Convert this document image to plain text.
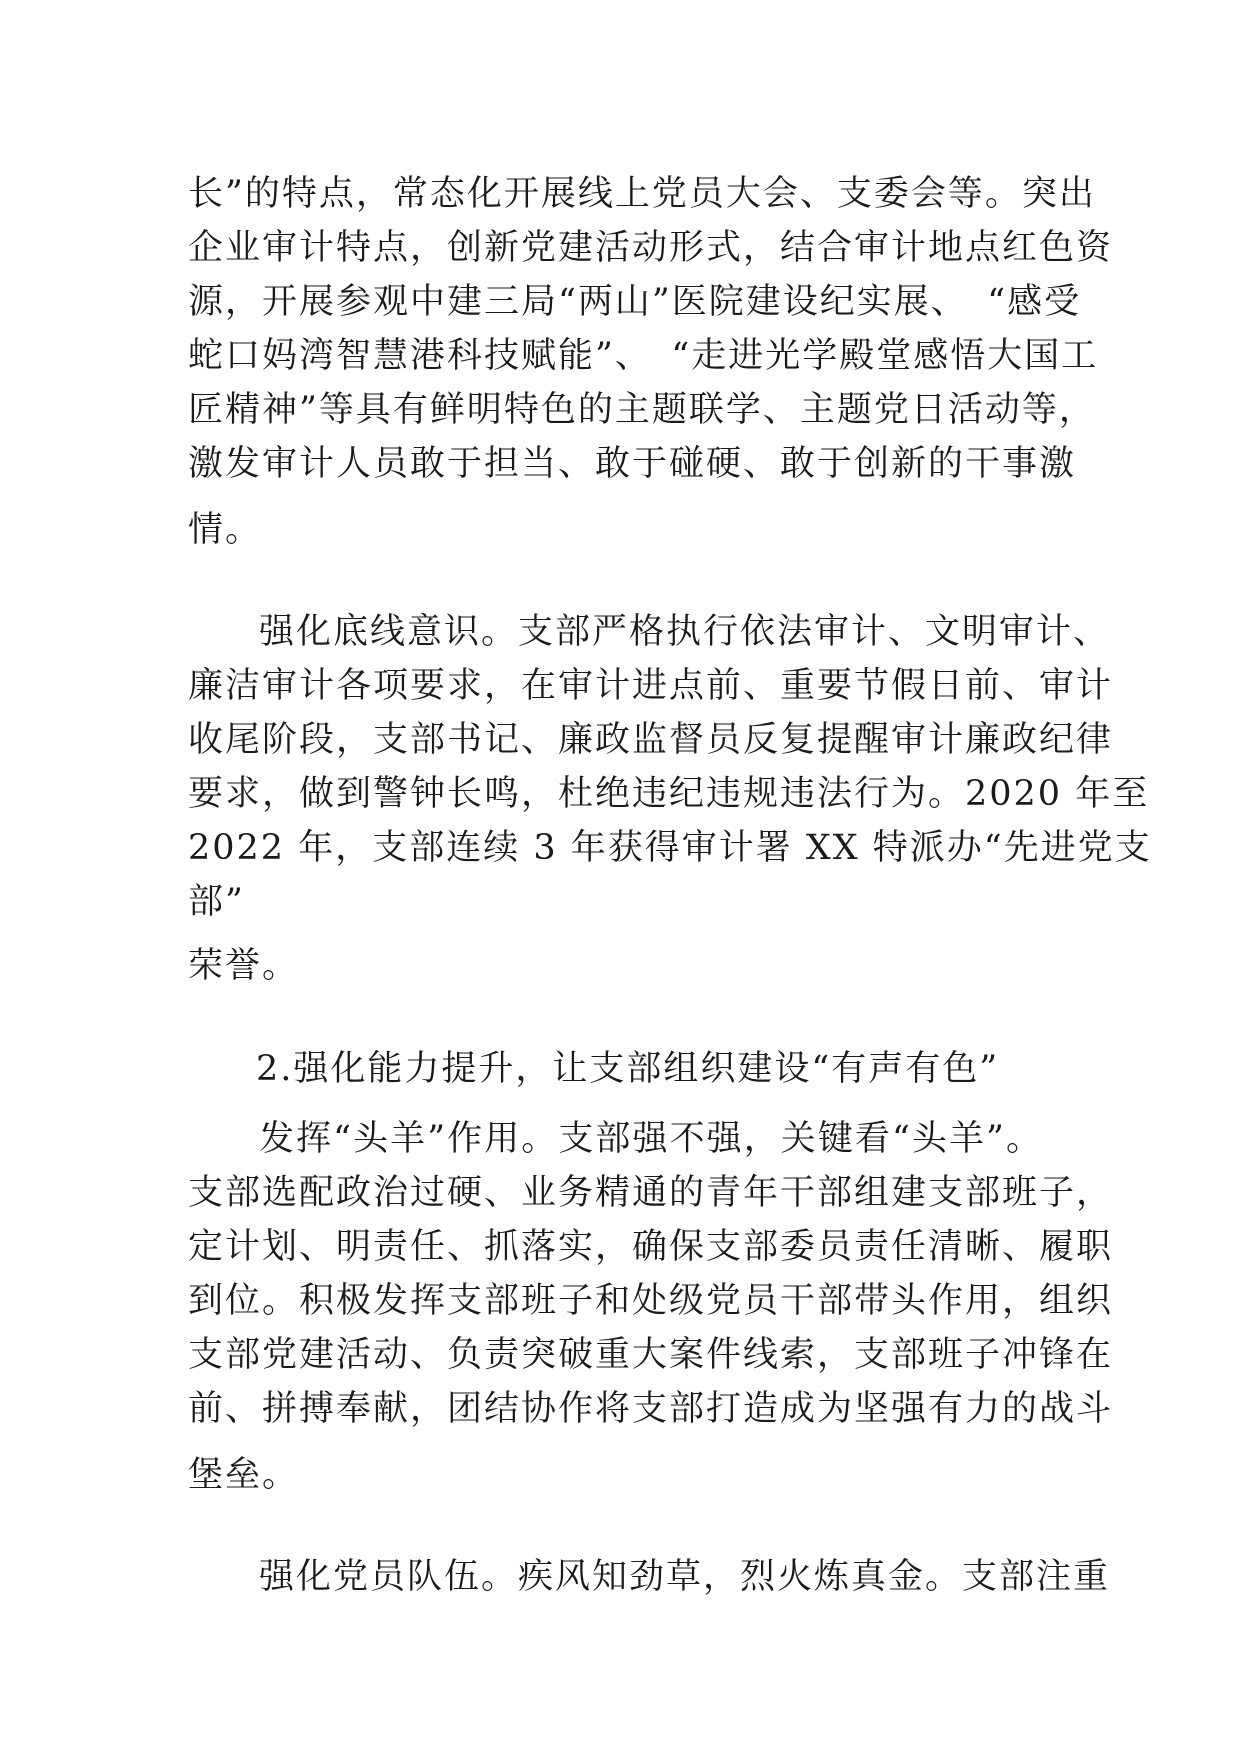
长”的特点，常态化开展线上党员大会、支委会等。突出
企业审计特点，创新党建活动形式，结合审计地点红色资
源，开展参观中建三局“两山”医院建设纪实展、　“感受
蛇口妈湾智慧港科技赋能”、　“走进光学殿堂感悟大国工
匠精神”等具有鲜明特色的主题联学、主题党日活动等，
激发审计人员敢于担当、敢于碰硬、敢于创新的干事激
情。
强化底线意识。支部严格执行依法审计、文明审计、
廉洁审计各项要求，在审计进点前、重要节假日前、审计
收尾阶段，支部书记、廉政监督员反复提醒审计廉政纪律
要求，做到警钟长鸣，杜绝违纪违规违法行为。2020 年至
2022 年，支部连续 3 年获得审计署 XX 特派办“先进党支
部”
荣誉。
2.强化能力提升，让支部组织建设“有声有色”
发挥“头羊”作用。支部强不强，关键看“头羊”。
支部选配政治过硬、业务精通的青年干部组建支部班子，
定计划、明责任、抓落实，确保支部委员责任清晰、履职
到位。积极发挥支部班子和处级党员干部带头作用，组织
支部党建活动、负责突破重大案件线索，支部班子冲锋在
前、拼搏奉献，团结协作将支部打造成为坚强有力的战斗
堡垒。
强化党员队伍。疾风知劲草，烈火炼真金。支部注重
